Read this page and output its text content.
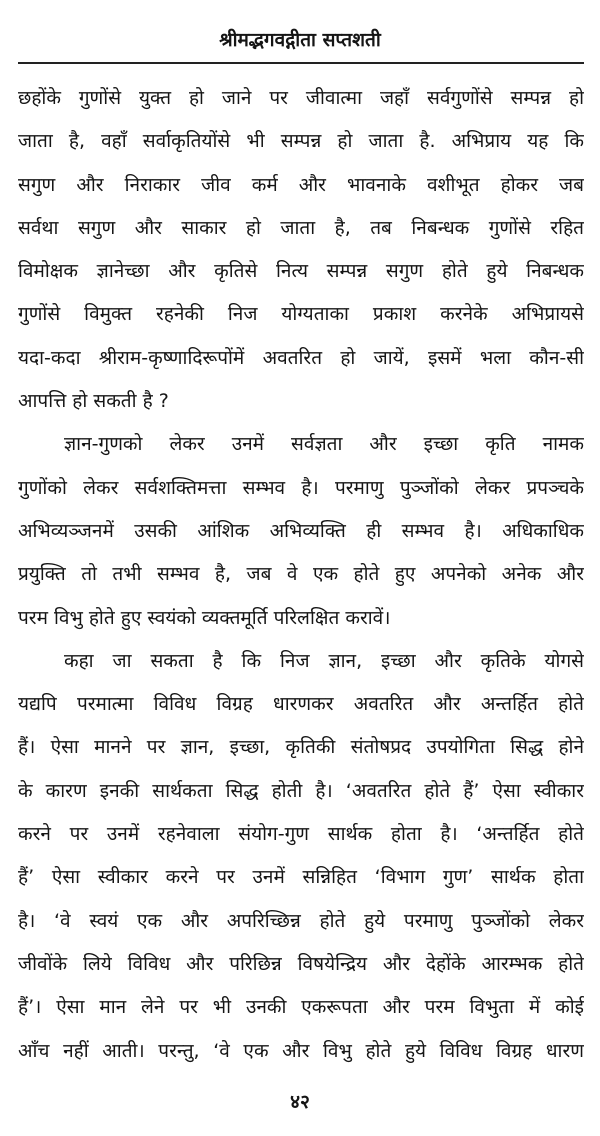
श्रीमद्भगवद्गीता सप्तशती
छहोंके गुणोंसे युक्त हो जाने पर जीवात्मा जहाँ सर्वगुणोंसे सम्पन्न हो
जाता है, वहाँ सर्वाकृतियोंसे भी सम्पन्न हो जाता है. अभिप्राय यह कि
सगुण और निराकार जीव कर्म और भावनाके वशीभूत होकर जब
सर्वथा सगुण और साकार हो जाता है, तब निबन्धक गुणोंसे रहित
विमोक्षक ज्ञानेच्छा और कृतिसे नित्य सम्पन्न सगुण होते हुये निबन्धक
गुणोंसे विमुक्त रहनेकी निज योग्यताका प्रकाश करनेके अभिप्रायसे
यदा-कदा श्रीराम-कृष्णादिरूपोंमें अवतरित हो जायें, इसमें भला कौन-सी
आपत्ति हो सकती है ?
ज्ञान-गुणको लेकर उनमें सर्वज्ञता और इच्छा कृति नामक
गुणोंको लेकर सर्वशक्तिमत्ता सम्भव है। परमाणु पुञ्जोंको लेकर प्रपञ्चके
अभिव्यञ्जनमें उसकी आंशिक अभिव्यक्ति ही सम्भव है। अधिकाधिक
प्रयुक्ति तो तभी सम्भव है, जब वे एक होते हुए अपनेको अनेक और
परम विभु होते हुए स्वयंको व्यक्तमूर्ति परिलक्षित करावें।
कहा जा सकता है कि निज ज्ञान, इच्छा और कृतिके योगसे
यद्यपि परमात्मा विविध विग्रह धारणकर अवतरित और अन्तर्हित होते
हैं। ऐसा मानने पर ज्ञान, इच्छा, कृतिकी संतोषप्रद उपयोगिता सिद्ध होने
के कारण इनकी सार्थकता सिद्ध होती है। ‘अवतरित होते हैं’ ऐसा स्वीकार
करने पर उनमें रहनेवाला संयोग-गुण सार्थक होता है। ‘अन्तर्हित होते
हैं’ ऐसा स्वीकार करने पर उनमें सन्निहित ‘विभाग गुण’ सार्थक होता
है। ‘वे स्वयं एक और अपरिच्छिन्न होते हुये परमाणु पुञ्जोंको लेकर
जीवोंके लिये विविध और परिछिन्न विषयेन्द्रिय और देहोंके आरम्भक होते
हैं’। ऐसा मान लेने पर भी उनकी एकरूपता और परम विभुता में कोई
आँच नहीं आती। परन्तु, ‘वे एक और विभु होते हुये विविध विग्रह धारण
४२
